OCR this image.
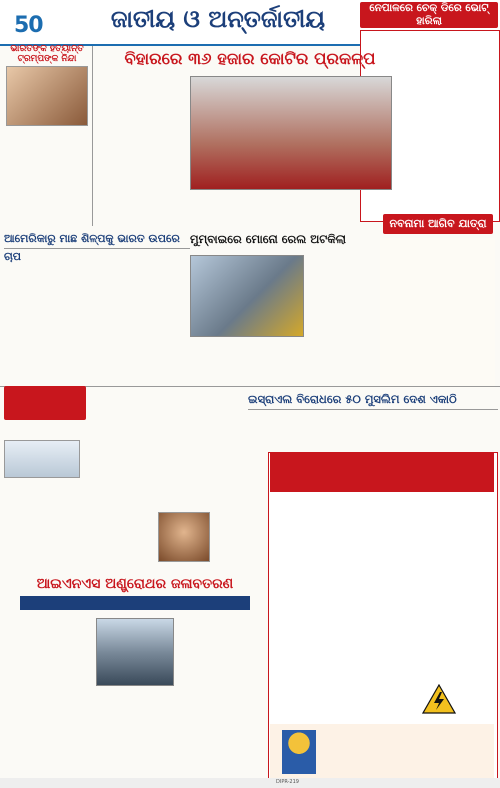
50	ଜାତୀୟ ଓ ଅନ୍ତର୍ଜାତୀୟ	ନେପାଳରେ ଚେକ୍ ଡିରେ ଭୋଟ୍ ହାରିଲା
ଭାରତଙ୍କ ହତ୍ୟାନ୍ତ ଟ୍ରମ୍ପଙ୍କ ନିନ୍ଦା	ବିହାରରେ ୩୬ ହଜାର କୋଟିର ପ୍ରକଳ୍ପ
ନବନାମା ଆଗିବ ଯାତ୍ରା
ଆମେରିକାରୁ ମାଛ ଶିଳ୍ପକୁ ଭାରତ ଉପରେ ଚାପ
ମୁମ୍ବାଇରେ ମୋନୋ ରେଲ ଅଟକିଲା
ଇସ୍ରାଏଲ ବିରୋଧରେ ୫୦ ମୁସଲିମ ଦେଶ ଏକାଠି
ଆଇଏନଏସ ଅଣ୍ଡ୍ରୋଥର ଜଳାବତରଣ
DIPR-219
